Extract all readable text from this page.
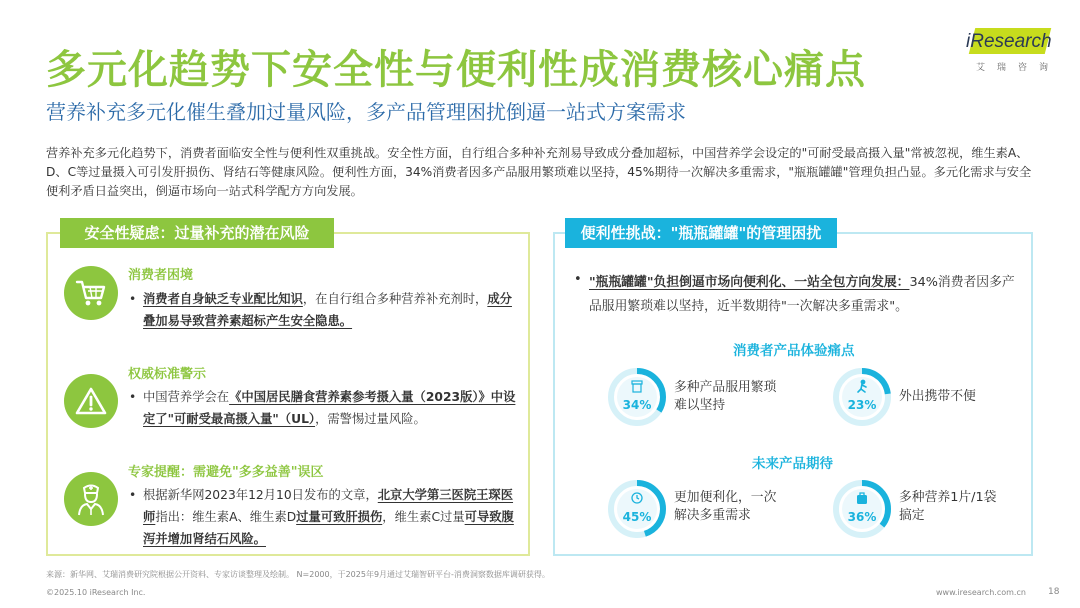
多元化趋势下安全性与便利性成消费核心痛点
营养补充多元化催生叠加过量风险，多产品管理困扰倒逼一站式方案需求
营养补充多元化趋势下，消费者面临安全性与便利性双重挑战。安全性方面，自行组合多种补充剂易导致成分叠加超标，中国营养学会设定的"可耐受最高摄入量"常被忽视，维生素A、D、C等过量摄入可引发肝损伤、肾结石等健康风险。便利性方面，34%消费者因多产品服用繁琐难以坚持，45%期待一次解决多重需求，"瓶瓶罐罐"管理负担凸显。多元化需求与安全便利矛盾日益突出，倒逼市场向一站式科学配方方向发展。
iResearch
艾瑞咨询
安全性疑虑：过量补充的潜在风险
消费者困境
• 消费者自身缺乏专业配比知识，在自行组合多种营养补充剂时，成分叠加易导致营养素超标产生安全隐患。
权威标准警示
• 中国营养学会在《中国居民膳食营养素参考摄入量（2023版）》中设定了"可耐受最高摄入量"（UL），需警惕过量风险。
专家提醒：需避免"多多益善"误区
• 根据新华网2023年12月10日发布的文章，北京大学第三医院王琛医师指出：维生素A、维生素D过量可致肝损伤，维生素C过量可导致腹泻并增加肾结石风险。
便利性挑战："瓶瓶罐罐"的管理困扰
• "瓶瓶罐罐"负担倒逼市场向便利化、一站全包方向发展：34%消费者因多产品服用繁琐难以坚持，近半数期待"一次解决多重需求"。
消费者产品体验痛点
未来产品期待
34%
多种产品服用繁琐难以坚持	23%
外出携带不便
45%
更加便利化，一次解决多重需求	36%
多种营养1片/1袋搞定
来源：新华网、艾瑞消费研究院根据公开资料、专家访谈整理及绘制。 N=2000，于2025年9月通过艾瑞智研平台-消费洞察数据库调研获得。
©2025.10 iResearch Inc.	www.iresearch.com.cn 18
